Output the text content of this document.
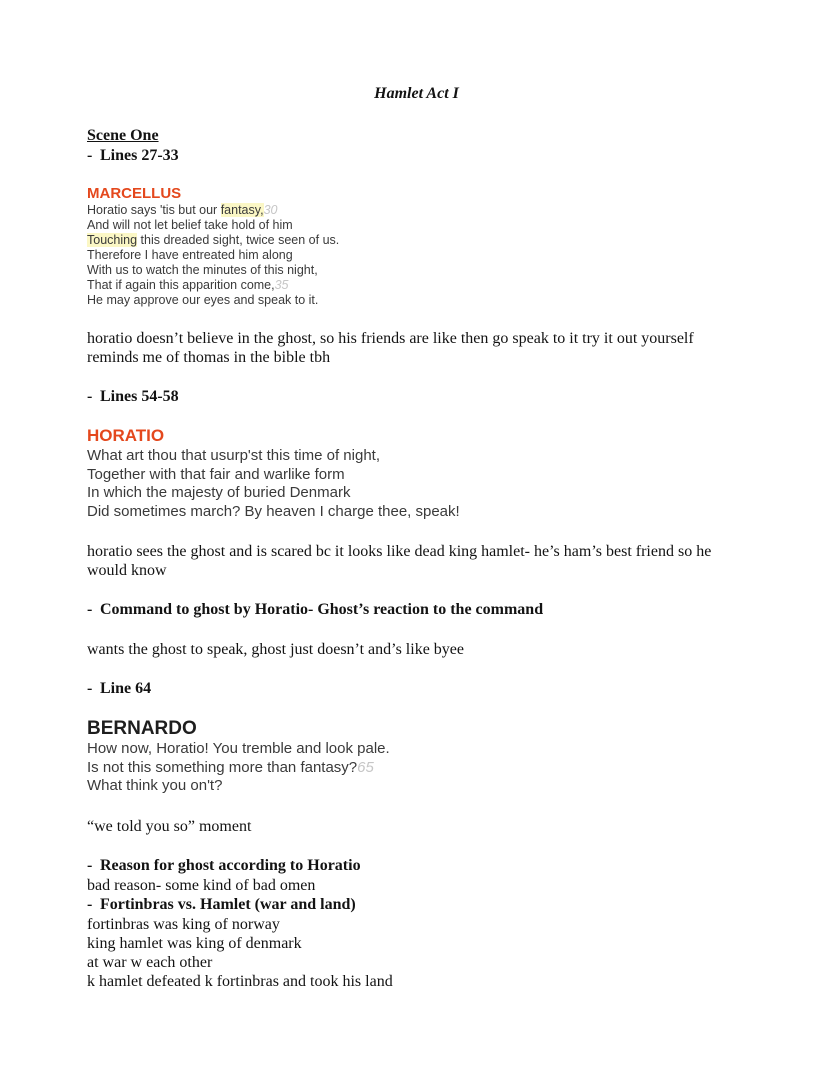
Hamlet Act I
Scene One
- Lines 27-33
MARCELLUS
Horatio says 'tis but our fantasy,30
And will not let belief take hold of him
Touching this dreaded sight, twice seen of us.
Therefore I have entreated him along
With us to watch the minutes of this night,
That if again this apparition come,35
He may approve our eyes and speak to it.
horatio doesn’t believe in the ghost, so his friends are like then go speak to it try it out yourself
reminds me of thomas in the bible tbh
- Lines 54-58
HORATIO
What art thou that usurp'st this time of night,
Together with that fair and warlike form
In which the majesty of buried Denmark
Did sometimes march? By heaven I charge thee, speak!
horatio sees the ghost and is scared bc it looks like dead king hamlet- he’s ham’s best friend so he
would know
- Command to ghost by Horatio- Ghost’s reaction to the command
wants the ghost to speak, ghost just doesn’t and’s like byee
- Line 64
BERNARDO
How now, Horatio! You tremble and look pale.
Is not this something more than fantasy?65
What think you on't?
“we told you so” moment
- Reason for ghost according to Horatio
bad reason- some kind of bad omen
- Fortinbras vs. Hamlet (war and land)
fortinbras was king of norway
king hamlet was king of denmark
at war w each other
k hamlet defeated k fortinbras and took his land
